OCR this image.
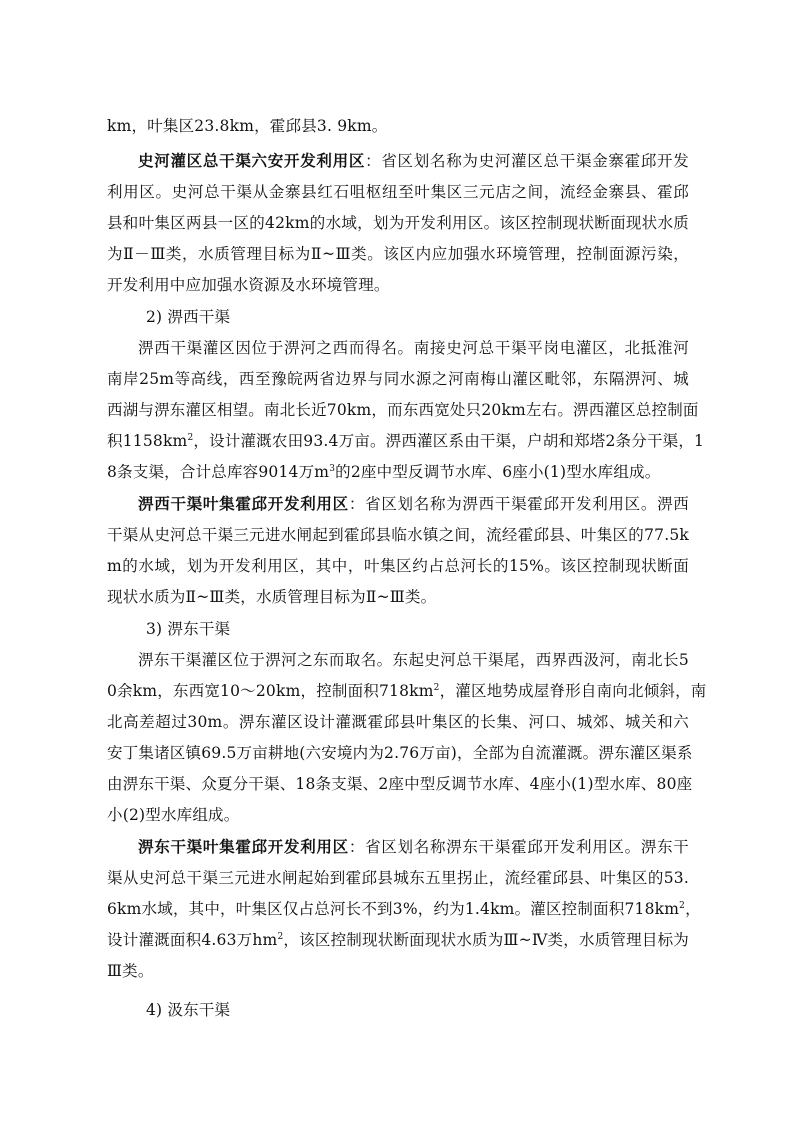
km，叶集区23.8km，霍邱县3. 9km。
史河灌区总干渠六安开发利用区：省区划名称为史河灌区总干渠金寨霍邱开发
利用区。史河总干渠从金寨县红石咀枢纽至叶集区三元店之间，流经金寨县、霍邱
县和叶集区两县一区的42km的水域，划为开发利用区。该区控制现状断面现状水质
为Ⅱ－Ⅲ类，水质管理目标为Ⅱ~Ⅲ类。该区内应加强水环境管理，控制面源污染，
开发利用中应加强水资源及水环境管理。
2) 淠西干渠
淠西干渠灌区因位于淠河之西而得名。南接史河总干渠平岗电灌区，北抵淮河
南岸25m等高线，西至豫皖两省边界与同水源之河南梅山灌区毗邻，东隔淠河、城
西湖与淠东灌区相望。南北长近70km，而东西宽处只20km左右。淠西灌区总控制面
积$1158km^2$，设计灌溉农田93.4万亩。淠西灌区系由干渠，户胡和郑塔2条分干渠，1
8条支渠，合计总库容9014万$m^3$的2座中型反调节水库、6座小(1)型水库组成。
淠西干渠叶集霍邱开发利用区：省区划名称为淠西干渠霍邱开发利用区。淠西
干渠从史河总干渠三元进水闸起到霍邱县临水镇之间，流经霍邱县、叶集区的77.5k
m的水域，划为开发利用区，其中，叶集区约占总河长的15%。该区控制现状断面
现状水质为Ⅱ~Ⅲ类，水质管理目标为Ⅱ~Ⅲ类。
3) 淠东干渠
淠东干渠灌区位于淠河之东而取名。东起史河总干渠尾，西界西汲河，南北长5
0余km，东西宽10～20km，控制面积$718km^2$，灌区地势成屋脊形自南向北倾斜，南
北高差超过30m。淠东灌区设计灌溉霍邱县叶集区的长集、河口、城郊、城关和六
安丁集诸区镇69.5万亩耕地(六安境内为2.76万亩)，全部为自流灌溉。淠东灌区渠系
由淠东干渠、众夏分干渠、18条支渠、2座中型反调节水库、4座小(1)型水库、80座
小(2)型水库组成。
淠东干渠叶集霍邱开发利用区：省区划名称淠东干渠霍邱开发利用区。淠东干
渠从史河总干渠三元进水闸起始到霍邱县城东五里拐止，流经霍邱县、叶集区的53.
6km水域，其中，叶集区仅占总河长不到3%，约为1.4km。灌区控制面积$718km^2$，
设计灌溉面积4.63万$hm^2$，该区控制现状断面现状水质为Ⅲ~Ⅳ类，水质管理目标为
Ⅲ类。
4) 汲东干渠
